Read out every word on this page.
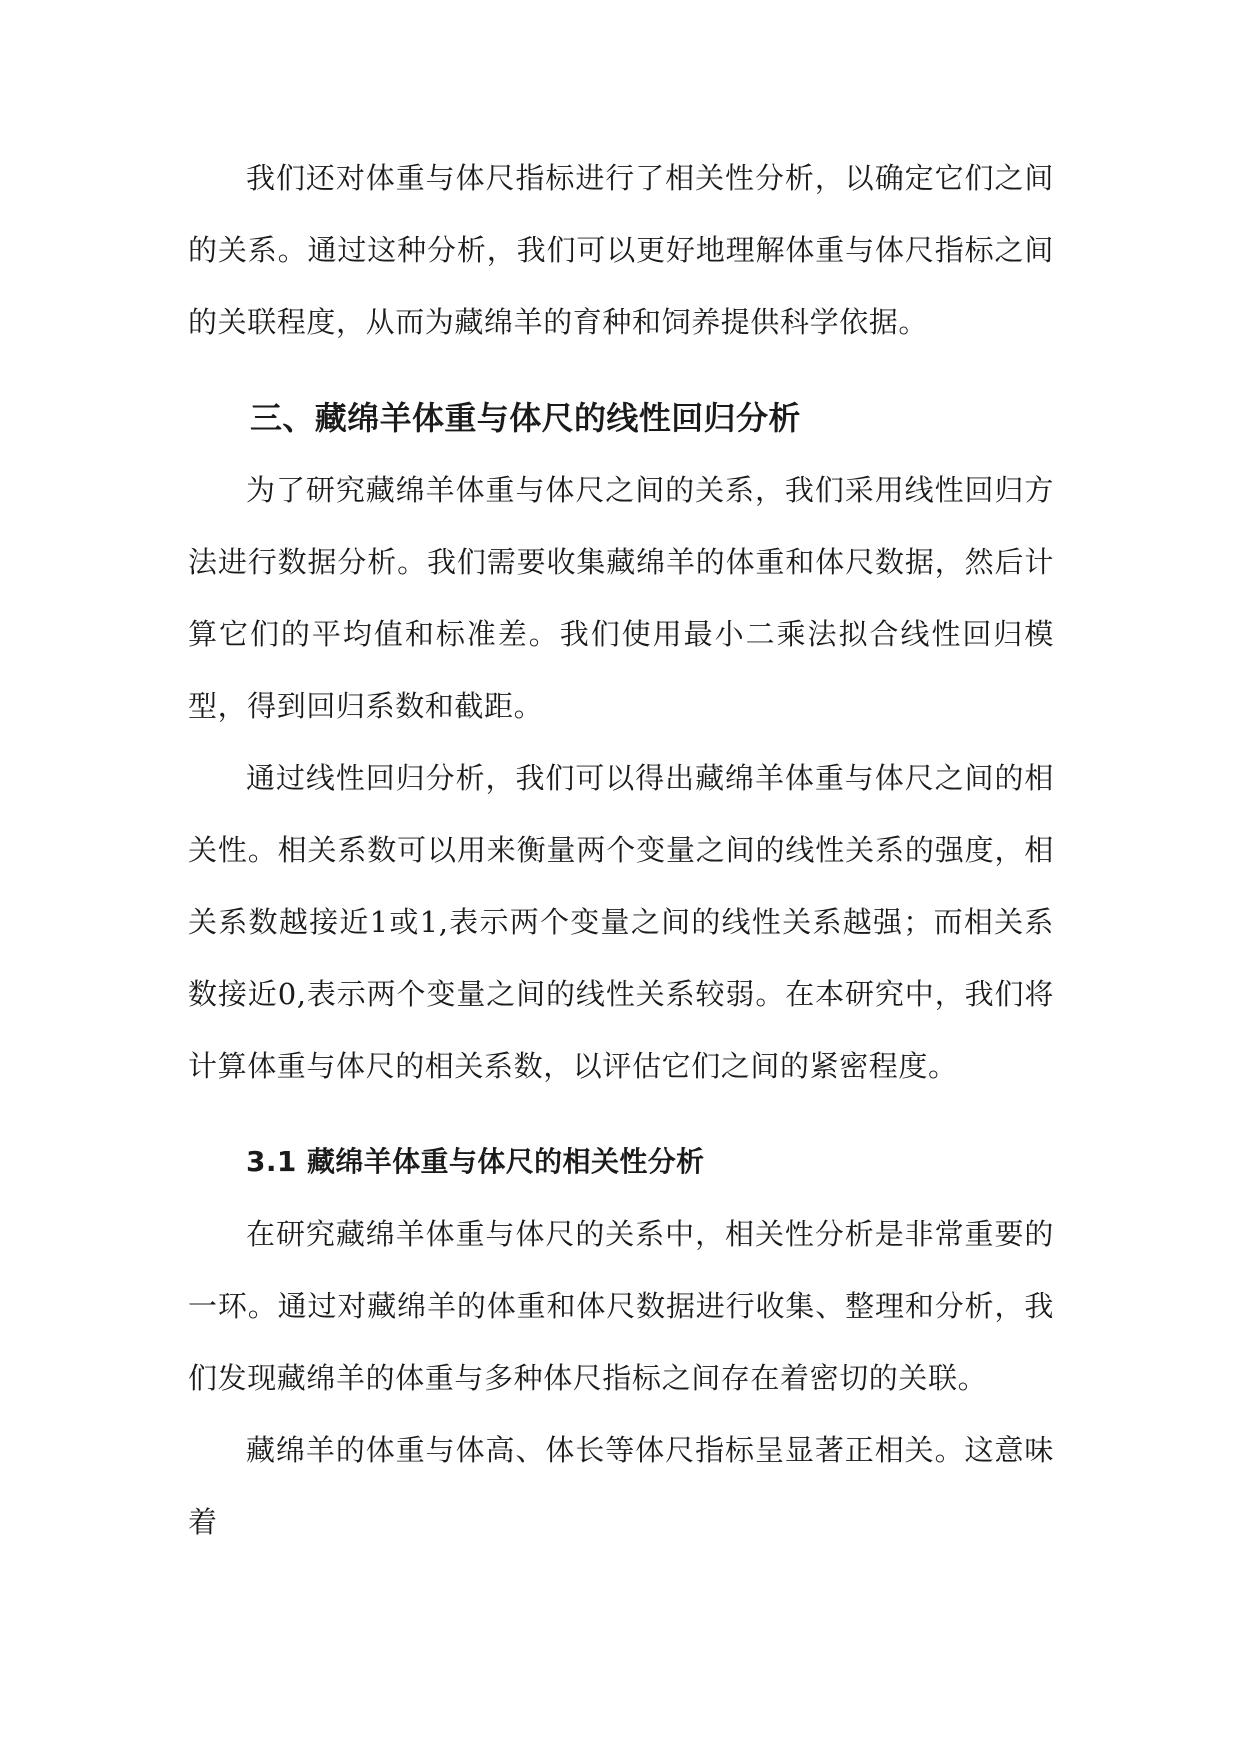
我们还对体重与体尺指标进行了相关性分析，以确定它们之间的关系。通过这种分析，我们可以更好地理解体重与体尺指标之间的关联程度，从而为藏绵羊的育种和饲养提供科学依据。

三、藏绵羊体重与体尺的线性回归分析

为了研究藏绵羊体重与体尺之间的关系，我们采用线性回归方法进行数据分析。我们需要收集藏绵羊的体重和体尺数据，然后计算它们的平均值和标准差。我们使用最小二乘法拟合线性回归模型，得到回归系数和截距。

通过线性回归分析，我们可以得出藏绵羊体重与体尺之间的相关性。相关系数可以用来衡量两个变量之间的线性关系的强度，相关系数越接近1或1,表示两个变量之间的线性关系越强；而相关系数接近0,表示两个变量之间的线性关系较弱。在本研究中，我们将计算体重与体尺的相关系数，以评估它们之间的紧密程度。

3.1 藏绵羊体重与体尺的相关性分析

在研究藏绵羊体重与体尺的关系中，相关性分析是非常重要的一环。通过对藏绵羊的体重和体尺数据进行收集、整理和分析，我们发现藏绵羊的体重与多种体尺指标之间存在着密切的关联。

藏绵羊的体重与体高、体长等体尺指标呈显著正相关。这意味着
